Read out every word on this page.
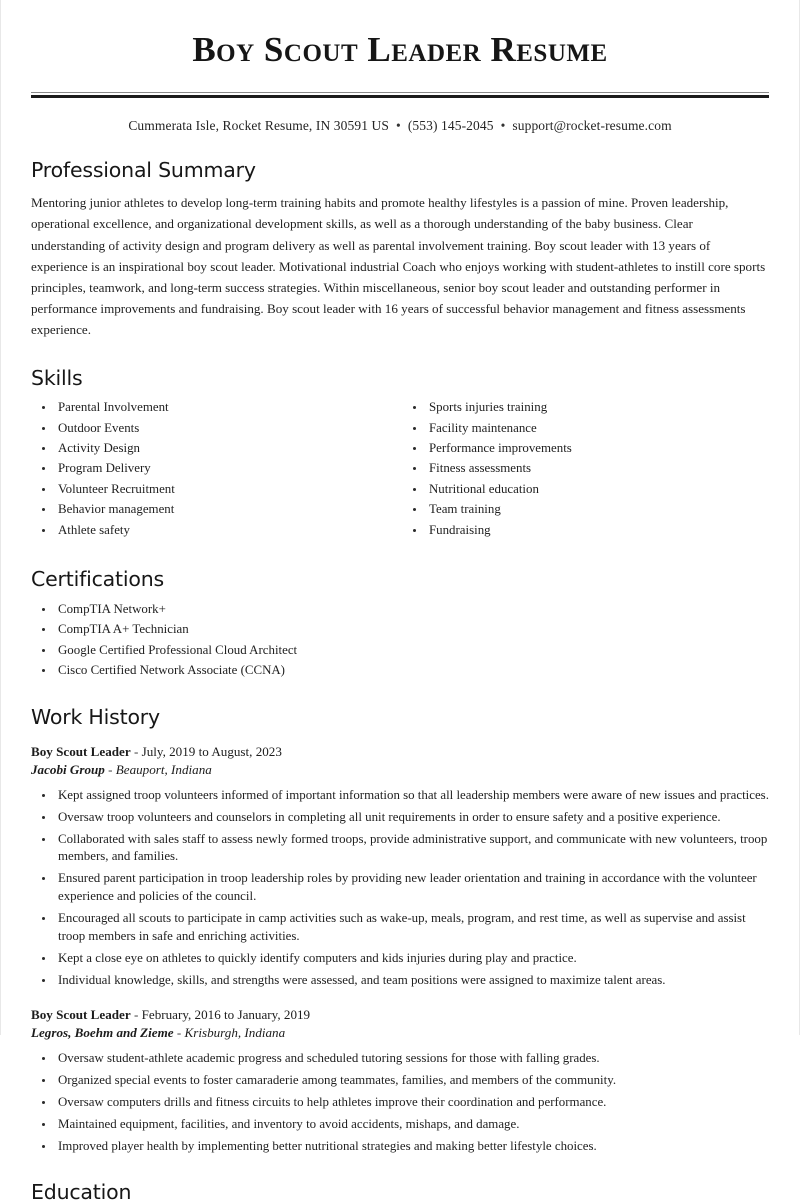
Boy Scout Leader Resume
Cummerata Isle, Rocket Resume, IN 30591 US • (553) 145-2045 • support@rocket-resume.com
Professional Summary
Mentoring junior athletes to develop long-term training habits and promote healthy lifestyles is a passion of mine. Proven leadership, operational excellence, and organizational development skills, as well as a thorough understanding of the baby business. Clear understanding of activity design and program delivery as well as parental involvement training. Boy scout leader with 13 years of experience is an inspirational boy scout leader. Motivational industrial Coach who enjoys working with student-athletes to instill core sports principles, teamwork, and long-term success strategies. Within miscellaneous, senior boy scout leader and outstanding performer in performance improvements and fundraising. Boy scout leader with 16 years of successful behavior management and fitness assessments experience.
Skills
• Parental Involvement
• Outdoor Events
• Activity Design
• Program Delivery
• Volunteer Recruitment
• Behavior management
• Athlete safety
• Sports injuries training
• Facility maintenance
• Performance improvements
• Fitness assessments
• Nutritional education
• Team training
• Fundraising
Certifications
• CompTIA Network+
• CompTIA A+ Technician
• Google Certified Professional Cloud Architect
• Cisco Certified Network Associate (CCNA)
Work History
Boy Scout Leader - July, 2019 to August, 2023
Jacobi Group - Beauport, Indiana
• Kept assigned troop volunteers informed of important information so that all leadership members were aware of new issues and practices.
• Oversaw troop volunteers and counselors in completing all unit requirements in order to ensure safety and a positive experience.
• Collaborated with sales staff to assess newly formed troops, provide administrative support, and communicate with new volunteers, troop members, and families.
• Ensured parent participation in troop leadership roles by providing new leader orientation and training in accordance with the volunteer experience and policies of the council.
• Encouraged all scouts to participate in camp activities such as wake-up, meals, program, and rest time, as well as supervise and assist troop members in safe and enriching activities.
• Kept a close eye on athletes to quickly identify computers and kids injuries during play and practice.
• Individual knowledge, skills, and strengths were assessed, and team positions were assigned to maximize talent areas.
Boy Scout Leader - February, 2016 to January, 2019
Legros, Boehm and Zieme - Krisburgh, Indiana
• Oversaw student-athlete academic progress and scheduled tutoring sessions for those with falling grades.
• Organized special events to foster camaraderie among teammates, families, and members of the community.
• Oversaw computers drills and fitness circuits to help athletes improve their coordination and performance.
• Maintained equipment, facilities, and inventory to avoid accidents, mishaps, and damage.
• Improved player health by implementing better nutritional strategies and making better lifestyle choices.
Education
